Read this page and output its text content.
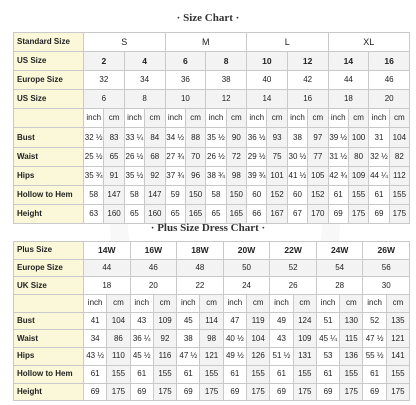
· Size Chart ·
Standard Size	S				M				L				XL			
US Size	2		4		6		8		10		12		14		16	
Europe Size	32		34		36		38		40		42		44		46	
US Size	6		8		10		12		14		16		18		20	
	inch	cm	inch	cm	inch	cm	inch	cm	inch	cm	inch	cm	inch	cm	inch	cm
Bust	32 ½	83	33 ¼	84	34 ½	88	35 ½	90	36 ½	93	38	97	39 ½	100	31	104
Waist	25 ½	65	26 ½	68	27 ¾	70	26 ½	72	29 ½	75	30 ½	77	31 ½	80	32 ½	82
Hips	35 ¾	91	35 ½	92	37 ¾	96	38 ¾	98	39 ¾	101	41 ½	105	42 ¾	109	44 ¼	112
Hollow to Hem	58	147	58	147	59	150	58	150	60	152	60	152	61	155	61	155
Height	63	160	65	160	65	165	65	165	66	167	67	170	69	175	69	175
· Plus Size Dress Chart ·
Plus Size	14W		16W		18W		20W		22W		24W		26W	
Europe Size	44		46		48		50		52		54		56	
UK Size	18		20		22		24		26		28		30	
	inch	cm	inch	cm	inch	cm	inch	cm	inch	cm	inch	cm	inch	cm
Bust	41	104	43	109	45	114	47	119	49	124	51	130	52	135
Waist	34	86	36 ¼	92	38	98	40 ½	104	43	109	45 ¼	115	47 ½	121
Hips	43 ½	110	45 ½	116	47 ½	121	49 ½	126	51 ½	131	53	136	55 ½	141
Hollow to Hem	61	155	61	155	61	155	61	155	61	155	61	155	61	155
Height	69	175	69	175	69	175	69	175	69	175	69	175	69	175
